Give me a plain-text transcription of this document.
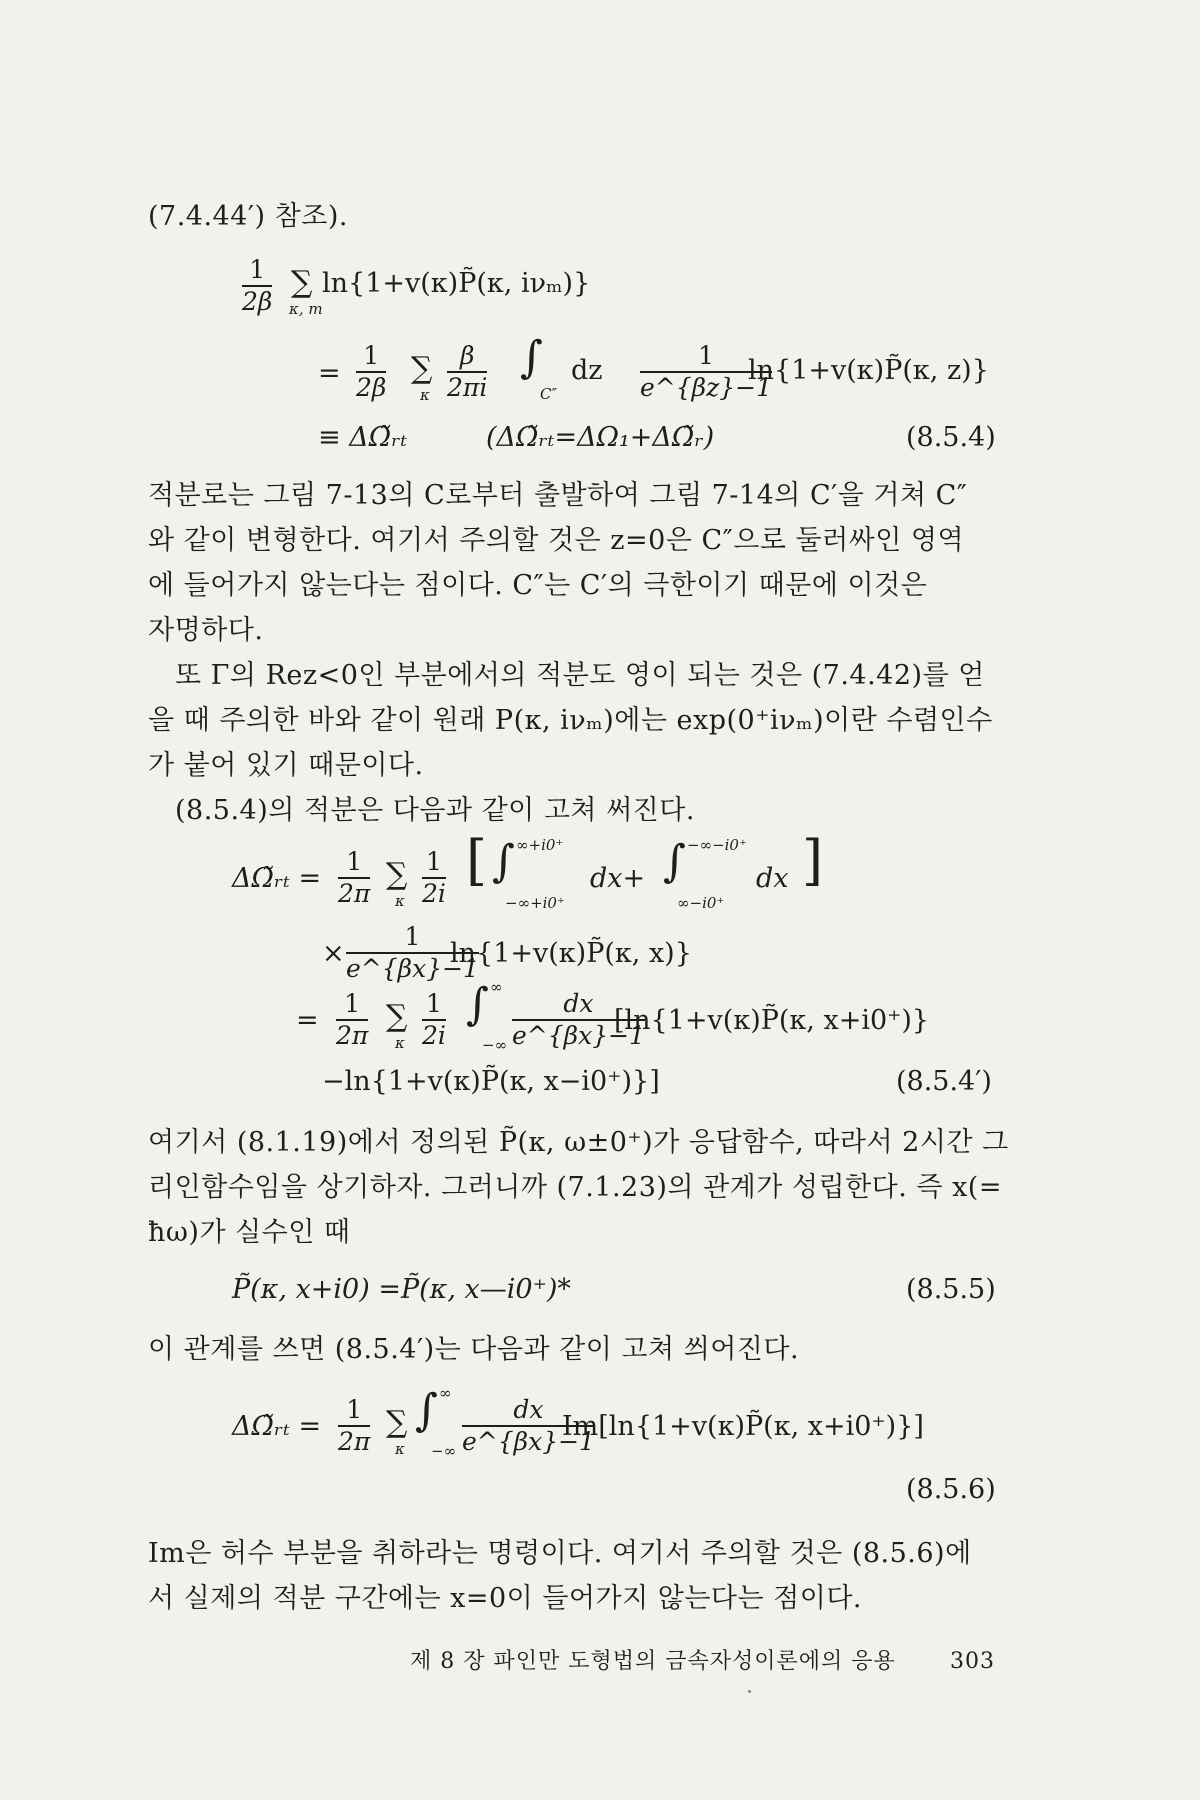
(7.4.44′) 참조).
1
2β
∑
κ, m
ln{1+v(κ)P̃(κ, iνₘ)}
=
1
2β
∑
κ
β
2πi
∫
C″
dz	1
e^{βz}−1
ln{1+v(κ)P̃(κ, z)}
≡ ΔΩ̃ᵣₜ	(ΔΩ̃ᵣₜ=ΔΩ₁+ΔΩ̃ᵣ)	(8.5.4)
적분로는 그림 7-13의 C로부터 출발하여 그림 7-14의 C′을 거쳐 C″
와 같이 변형한다. 여기서 주의할 것은 z=0은 C″으로 둘러싸인 영역
에 들어가지 않는다는 점이다. C″는 C′의 극한이기 때문에 이것은
자명하다.
또 Γ의 Rez<0인 부분에서의 적분도 영이 되는 것은 (7.4.42)를 얻
을 때 주의한 바와 같이 원래 P(κ, iνₘ)에는 exp(0⁺iνₘ)이란 수렴인수
가 붙어 있기 때문이다.
(8.5.4)의 적분은 다음과 같이 고쳐 써진다.
ΔΩ̃ᵣₜ =
1
2π
∑
κ
1
2i
[ ∫ ∞+i0⁺
−∞+i0⁺
dx+ ∫ −∞−i0⁺
∞−i0⁺
dx ]
×
1
e^{βx}−1
ln{1+v(κ)P̃(κ, x)}
=
1
2π
∑
κ
1
2i
∫ ∞
−∞
dx
e^{βx}−1
[ln{1+v(κ)P̃(κ, x+i0⁺)}
−ln{1+v(κ)P̃(κ, x−i0⁺)}]	(8.5.4′)
여기서 (8.1.19)에서 정의된 P̃(κ, ω±0⁺)가 응답함수, 따라서 2시간 그
리인함수임을 상기하자. 그러니까 (7.1.23)의 관계가 성립한다. 즉 x(=
ħω)가 실수인 때
P̃(κ, x+i0) =P̃(κ, x—i0⁺)*	(8.5.5)
이 관계를 쓰면 (8.5.4′)는 다음과 같이 고쳐 씌어진다.
ΔΩ̃ᵣₜ =
1
2π
∑
κ
∫ ∞
−∞
dx
e^{βx}−1
Im[ln{1+v(κ)P̃(κ, x+i0⁺)}]
(8.5.6)
Im은 허수 부분을 취하라는 명령이다. 여기서 주의할 것은 (8.5.6)에
서 실제의 적분 구간에는 x=0이 들어가지 않는다는 점이다.
제 8 장 파인만 도형법의 금속자성이론에의 응용 303
